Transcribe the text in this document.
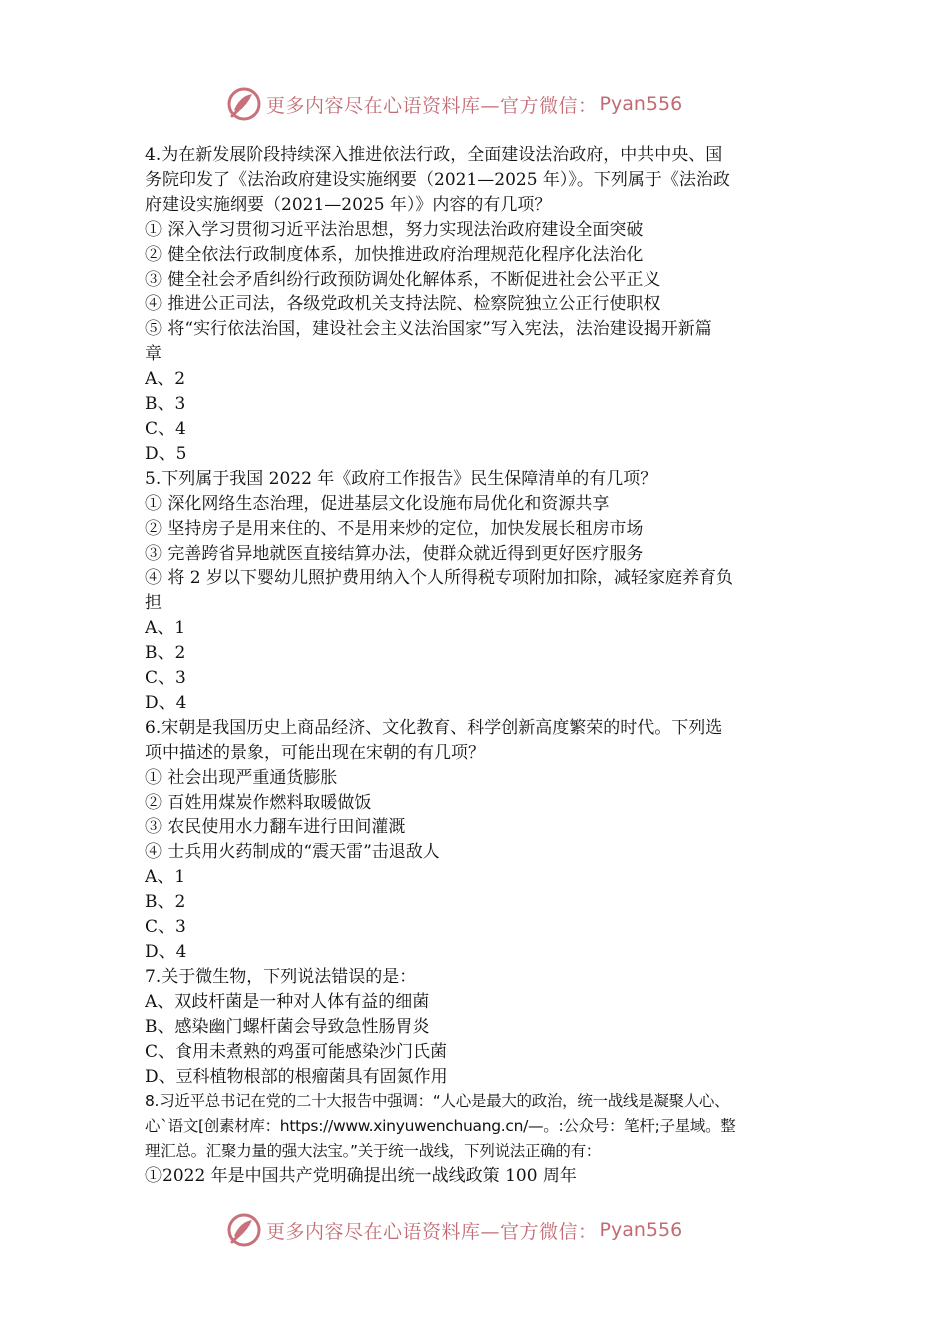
更多内容尽在心语资料库—官方微信： Pyan556
4.为在新发展阶段持续深入推进依法行政，全面建设法治政府，中共中央、国
务院印发了《法治政府建设实施纲要（2021—2025 年）》。下列属于《法治政
府建设实施纲要（2021—2025 年）》内容的有几项？
① 深入学习贯彻习近平法治思想，努力实现法治政府建设全面突破
② 健全依法行政制度体系，加快推进政府治理规范化程序化法治化
③ 健全社会矛盾纠纷行政预防调处化解体系，不断促进社会公平正义
④ 推进公正司法，各级党政机关支持法院、检察院独立公正行使职权
⑤ 将“实行依法治国，建设社会主义法治国家”写入宪法，法治建设揭开新篇
章
A、2
B、3
C、4
D、5
5.下列属于我国 2022 年《政府工作报告》民生保障清单的有几项？
① 深化网络生态治理，促进基层文化设施布局优化和资源共享
② 坚持房子是用来住的、不是用来炒的定位，加快发展长租房市场
③ 完善跨省异地就医直接结算办法，使群众就近得到更好医疗服务
④ 将 2 岁以下婴幼儿照护费用纳入个人所得税专项附加扣除，减轻家庭养育负
担
A、1
B、2
C、3
D、4
6.宋朝是我国历史上商品经济、文化教育、科学创新高度繁荣的时代。下列选
项中描述的景象，可能出现在宋朝的有几项？
① 社会出现严重通货膨胀
② 百姓用煤炭作燃料取暖做饭
③ 农民使用水力翻车进行田间灌溉
④ 士兵用火药制成的“震天雷”击退敌人
A、1
B、2
C、3
D、4
7.关于微生物，下列说法错误的是：
A、双歧杆菌是一种对人体有益的细菌
B、感染幽门螺杆菌会导致急性肠胃炎
C、食用未煮熟的鸡蛋可能感染沙门氏菌
D、豆科植物根部的根瘤菌具有固氮作用
8.习近平总书记在党的二十大报告中强调：“人心是最大的政治，统一战线是凝聚人心、
心`语文[创素材库：https://www.xinyuwenchuang.cn/—。:公众号：笔杆;子星域。整
理汇总。汇聚力量的强大法宝。”关于统一战线，下列说法正确的有：
①2022 年是中国共产党明确提出统一战线政策 100 周年
更多内容尽在心语资料库—官方微信： Pyan556
